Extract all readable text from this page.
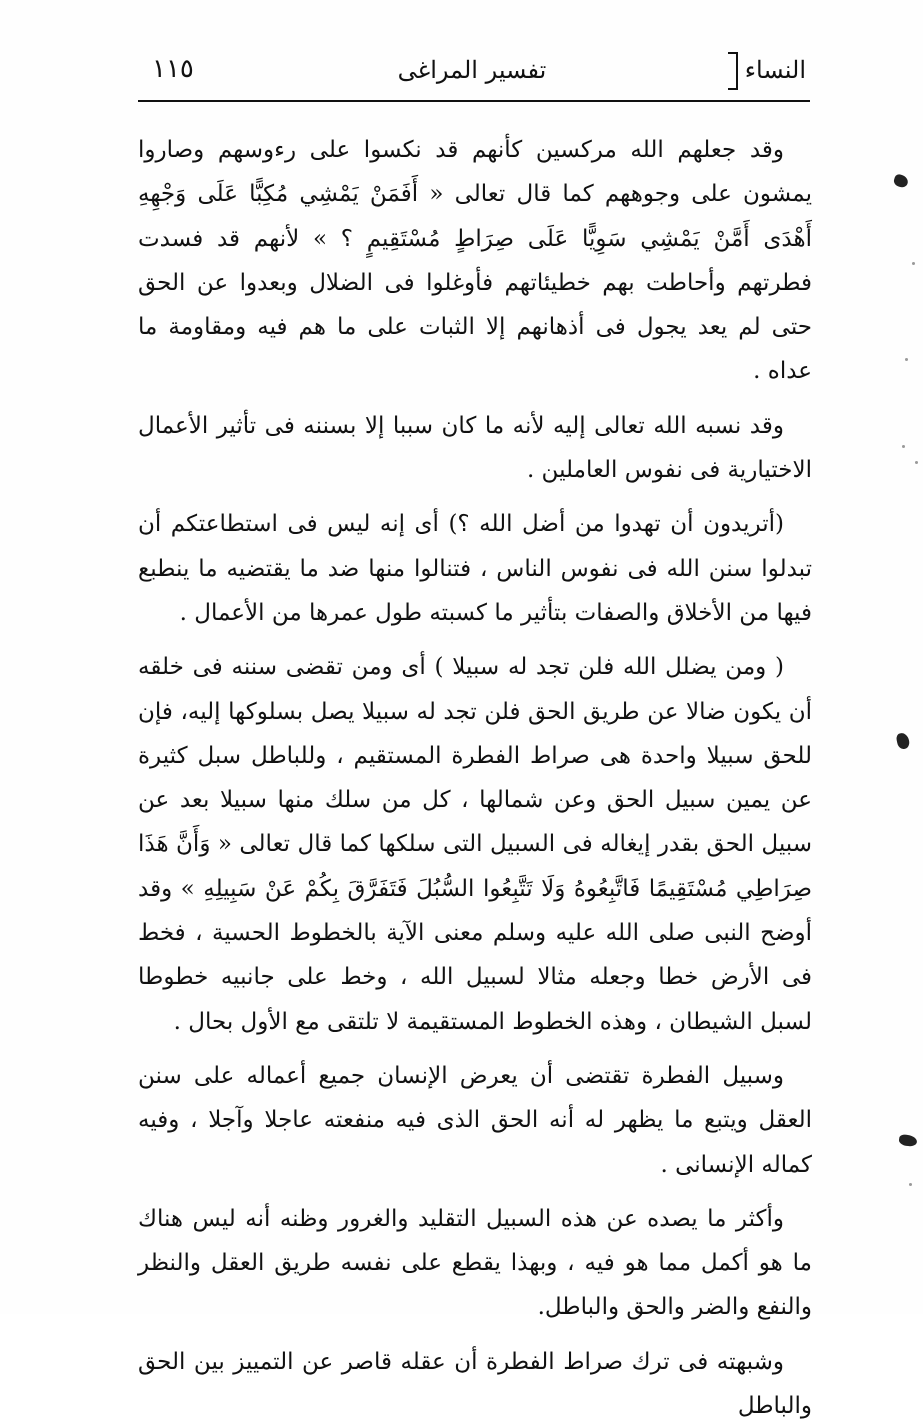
النساء
تفسير المراغى
١١٥

وقد جعلهم الله مركسين كأنهم قد نكسوا على رءوسهم وصاروا يمشون على وجوههم كما قال تعالى « أَفَمَنْ يَمْشِي مُكِبًّا عَلَى وَجْهِهِ أَهْدَى أَمَّنْ يَمْشِي سَوِيًّا عَلَى صِرَاطٍ مُسْتَقِيمٍ ؟ » لأنهم قد فسدت فطرتهم وأحاطت بهم خطيئاتهم فأوغلوا فى الضلال وبعدوا عن الحق حتى لم يعد يجول فى أذهانهم إلا الثبات على ما هم فيه ومقاومة ما عداه .

وقد نسبه الله تعالى إليه لأنه ما كان سببا إلا بسننه فى تأثير الأعمال الاختيارية فى نفوس العاملين .

(أتريدون أن تهدوا من أضل الله ؟) أى إنه ليس فى استطاعتكم أن تبدلوا سنن الله فى نفوس الناس ، فتنالوا منها ضد ما يقتضيه ما ينطبع فيها من الأخلاق والصفات بتأثير ما كسبته طول عمرها من الأعمال .

( ومن يضلل الله فلن تجد له سبيلا ) أى ومن تقضى سننه فى خلقه أن يكون ضالا عن طريق الحق فلن تجد له سبيلا يصل بسلوكها إليه، فإن للحق سبيلا واحدة هى صراط الفطرة المستقيم ، وللباطل سبل كثيرة عن يمين سبيل الحق وعن شمالها ، كل من سلك منها سبيلا بعد عن سبيل الحق بقدر إيغاله فى السبيل التى سلكها كما قال تعالى « وَأَنَّ هَذَا صِرَاطِي مُسْتَقِيمًا فَاتَّبِعُوهُ وَلَا تَتَّبِعُوا السُّبُلَ فَتَفَرَّقَ بِكُمْ عَنْ سَبِيلِهِ » وقد أوضح النبى صلى الله عليه وسلم معنى الآية بالخطوط الحسية ، فخط فى الأرض خطا وجعله مثالا لسبيل الله ، وخط على جانبيه خطوطا لسبل الشيطان ، وهذه الخطوط المستقيمة لا تلتقى مع الأول بحال .

وسبيل الفطرة تقتضى أن يعرض الإنسان جميع أعماله على سنن العقل ويتبع ما يظهر له أنه الحق الذى فيه منفعته عاجلا وآجلا ، وفيه كماله الإنسانى .

وأكثر ما يصده عن هذه السبيل التقليد والغرور وظنه أنه ليس هناك ما هو أكمل مما هو فيه ، وبهذا يقطع على نفسه طريق العقل والنظر والنفع والضر والحق والباطل.

وشبهته فى ترك صراط الفطرة أن عقله قاصر عن التمييز بين الحق والباطل
